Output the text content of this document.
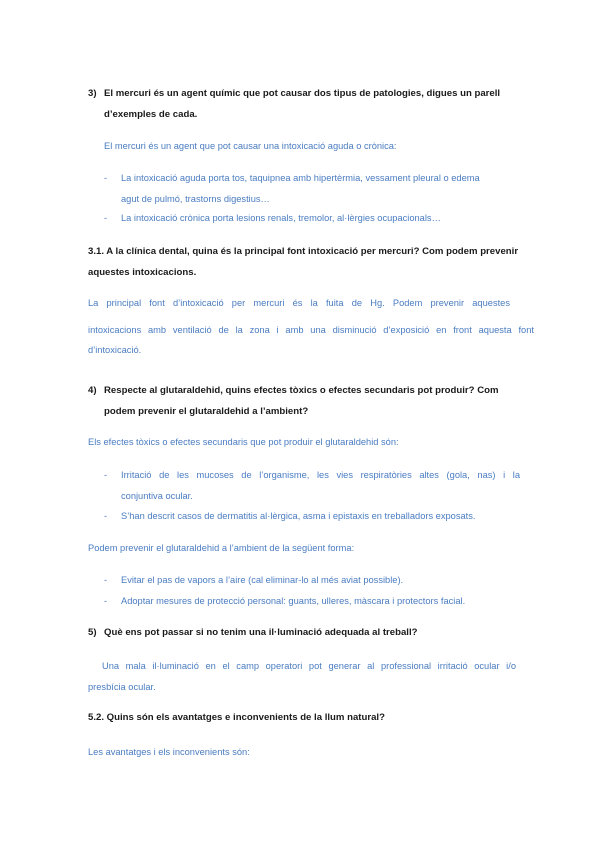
3) El mercuri és un agent químic que pot causar dos tipus de patologies, digues un parell
d’exemples de cada.
El mercuri és un agent que pot causar una intoxicació aguda o crònica:
-	La intoxicació aguda porta tos, taquipnea amb hipertèrmia, vessament pleural o edema
agut de pulmó, trastorns digestius…
-	La intoxicació crònica porta lesions renals, tremolor, al·lèrgies ocupacionals…
3.1. A la clínica dental, quina és la principal font intoxicació per mercuri? Com podem prevenir
aquestes intoxicacions.
La principal font d’intoxicació per mercuri és la fuita de Hg. Podem prevenir aquestes
intoxicacions amb ventilació de la zona i amb una disminució d’exposició en front aquesta font
d’intoxicació.
4) Respecte al glutaraldehid, quins efectes tòxics o efectes secundaris pot produir? Com
podem prevenir el glutaraldehid a l’ambient?
Els efectes tòxics o efectes secundaris que pot produir el glutaraldehid són:
-	Irritació de les mucoses de l’organisme, les vies respiratòries altes (gola, nas) i la
conjuntiva ocular.
-	S’han descrit casos de dermatitis al·lèrgica, asma i epistaxis en treballadors exposats.
Podem prevenir el glutaraldehid a l’ambient de la següent forma:
-	Evitar el pas de vapors a l’aire (cal eliminar-lo al més aviat possible).
-	Adoptar mesures de protecció personal: guants, ulleres, màscara i protectors facial.
5) Què ens pot passar si no tenim una il·luminació adequada al treball?
Una mala il·luminació en el camp operatori pot generar al professional irritació ocular i/o
presbícia ocular.
5.2. Quins són els avantatges e inconvenients de la llum natural?
Les avantatges i els inconvenients són:
